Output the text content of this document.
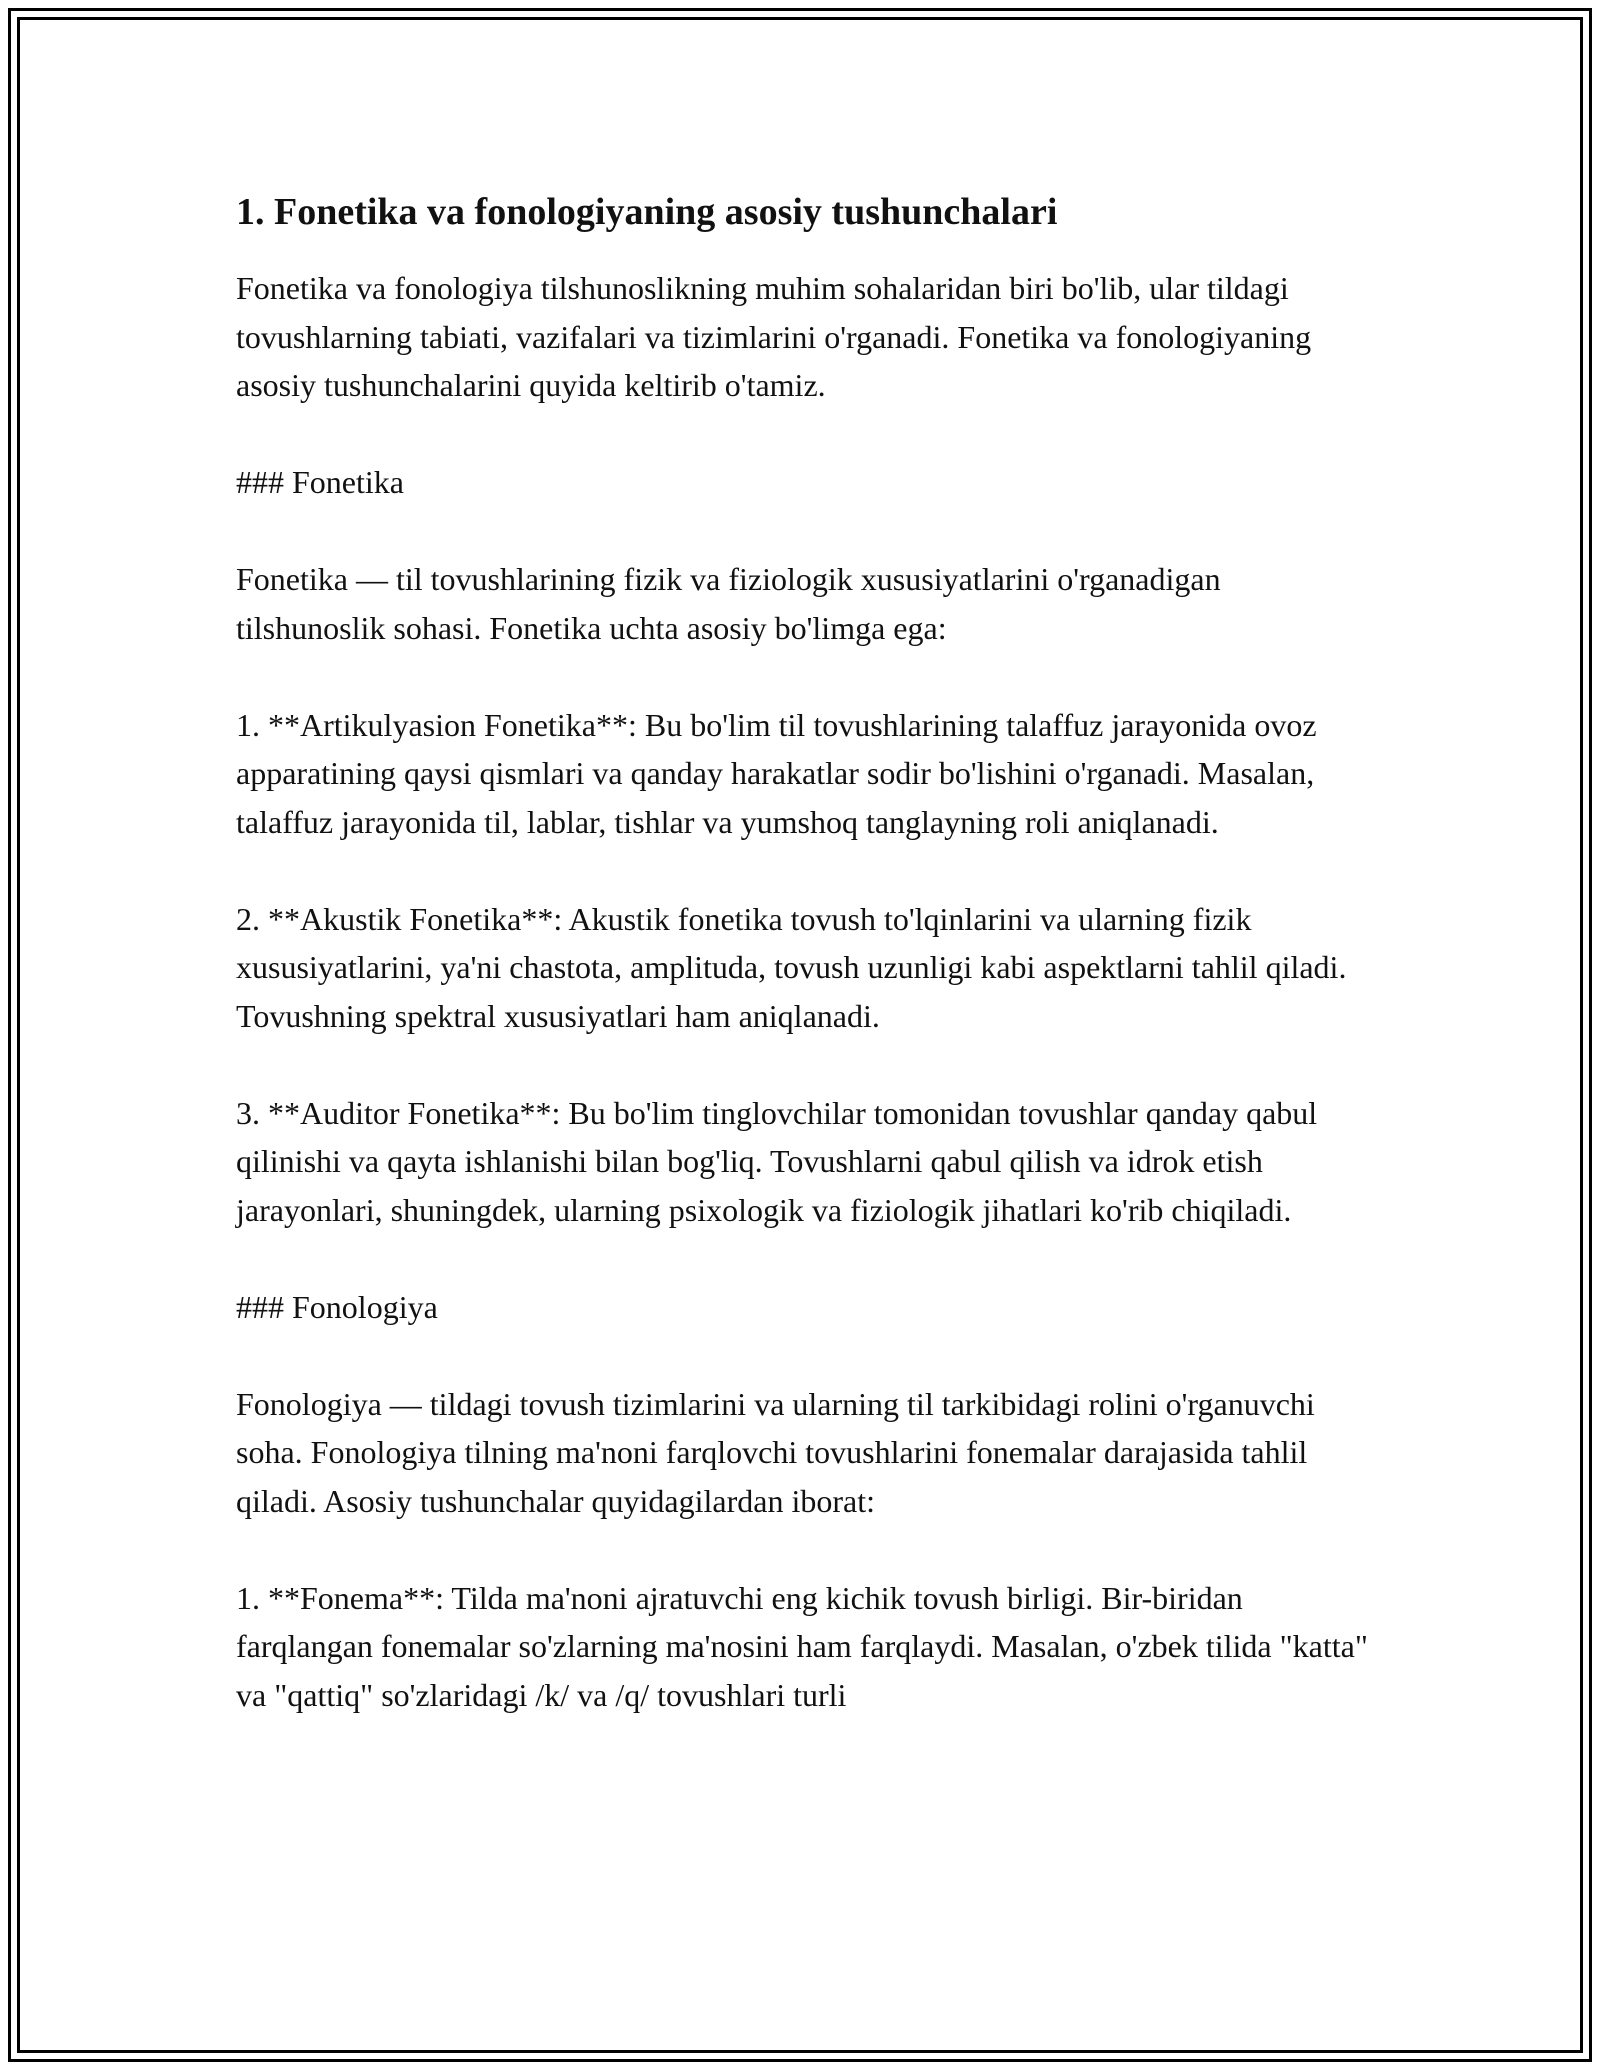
1. Fonetika va fonologiyaning asosiy tushunchalari

Fonetika va fonologiya tilshunoslikning muhim sohalaridan biri bo'lib, ular tildagi tovushlarning tabiati, vazifalari va tizimlarini o'rganadi. Fonetika va fonologiyaning asosiy tushunchalarini quyida keltirib o'tamiz.

### Fonetika

Fonetika — til tovushlarining fizik va fiziologik xususiyatlarini o'rganadigan tilshunoslik sohasi. Fonetika uchta asosiy bo'limga ega:

1. **Artikulyasion Fonetika**: Bu bo'lim til tovushlarining talaffuz jarayonida ovoz apparatining qaysi qismlari va qanday harakatlar sodir bo'lishini o'rganadi. Masalan, talaffuz jarayonida til, lablar, tishlar va yumshoq tanglayning roli aniqlanadi.

2. **Akustik Fonetika**: Akustik fonetika tovush to'lqinlarini va ularning fizik xususiyatlarini, ya'ni chastota, amplituda, tovush uzunligi kabi aspektlarni tahlil qiladi. Tovushning spektral xususiyatlari ham aniqlanadi.

3. **Auditor Fonetika**: Bu bo'lim tinglovchilar tomonidan tovushlar qanday qabul qilinishi va qayta ishlanishi bilan bog'liq. Tovushlarni qabul qilish va idrok etish jarayonlari, shuningdek, ularning psixologik va fiziologik jihatlari ko'rib chiqiladi.

### Fonologiya

Fonologiya — tildagi tovush tizimlarini va ularning til tarkibidagi rolini o'rganuvchi soha. Fonologiya tilning ma'noni farqlovchi tovushlarini fonemalar darajasida tahlil qiladi. Asosiy tushunchalar quyidagilardan iborat:

1. **Fonema**: Tilda ma'noni ajratuvchi eng kichik tovush birligi. Bir-biridan farqlangan fonemalar so'zlarning ma'nosini ham farqlaydi. Masalan, o'zbek tilida "katta" va "qattiq" so'zlaridagi /k/ va /q/ tovushlari turli
